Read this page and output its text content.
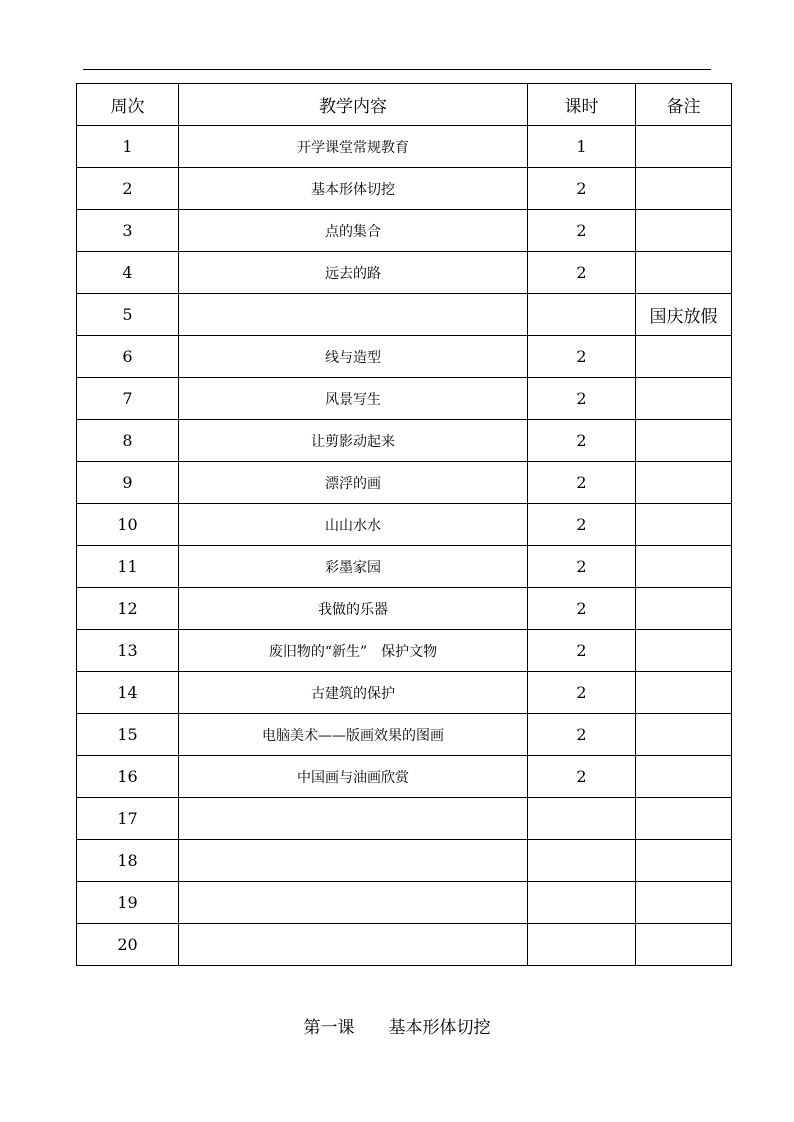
周次	教学内容	课时	备注
1	开学课堂常规教育	1	
2	基本形体切挖	2	
3	点的集合	2	
4	远去的路	2	
5			国庆放假
6	线与造型	2	
7	风景写生	2	
8	让剪影动起来	2	
9	漂浮的画	2	
10	山山水水	2	
11	彩墨家园	2	
12	我做的乐器	2	
13	废旧物的“新生”　保护文物	2	
14	古建筑的保护	2	
15	电脑美术——版画效果的图画	2	
16	中国画与油画欣赏	2	
17			
18			
19			
20			
第一课　　基本形体切挖
